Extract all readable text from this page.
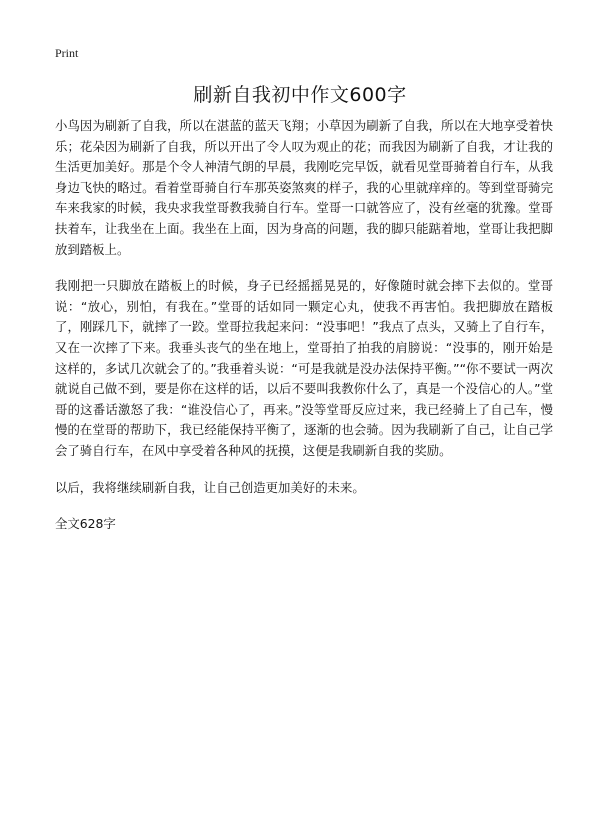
Print
刷新自我初中作文600字

小鸟因为刷新了自我，所以在湛蓝的蓝天飞翔；小草因为刷新了自我，所以在大地享受着快乐；花朵因为刷新了自我，所以开出了令人叹为观止的花；而我因为刷新了自我，才让我的生活更加美好。那是个令人神清气朗的早晨，我刚吃完早饭，就看见堂哥骑着自行车，从我身边飞快的略过。看着堂哥骑自行车那英姿煞爽的样子，我的心里就痒痒的。等到堂哥骑完车来我家的时候，我央求我堂哥教我骑自行车。堂哥一口就答应了，没有丝毫的犹豫。堂哥扶着车，让我坐在上面。我坐在上面，因为身高的问题，我的脚只能踮着地，堂哥让我把脚放到踏板上。

我刚把一只脚放在踏板上的时候，身子已经摇摇晃晃的，好像随时就会摔下去似的。堂哥说：“放心，别怕，有我在。”堂哥的话如同一颗定心丸，使我不再害怕。我把脚放在踏板了，刚踩几下，就摔了一跤。堂哥拉我起来问：“没事吧！”我点了点头，又骑上了自行车，又在一次摔了下来。我垂头丧气的坐在地上，堂哥拍了拍我的肩膀说：“没事的，刚开始是这样的，多试几次就会了的。”我垂着头说：“可是我就是没办法保持平衡。”“你不要试一两次就说自己做不到，要是你在这样的话，以后不要叫我教你什么了，真是一个没信心的人。”堂哥的这番话激怒了我：“谁没信心了，再来。”没等堂哥反应过来，我已经骑上了自己车，慢慢的在堂哥的帮助下，我已经能保持平衡了，逐渐的也会骑。因为我刷新了自己，让自己学会了骑自行车，在风中享受着各种风的抚摸，这便是我刷新自我的奖励。

以后，我将继续刷新自我，让自己创造更加美好的未来。

全文628字
